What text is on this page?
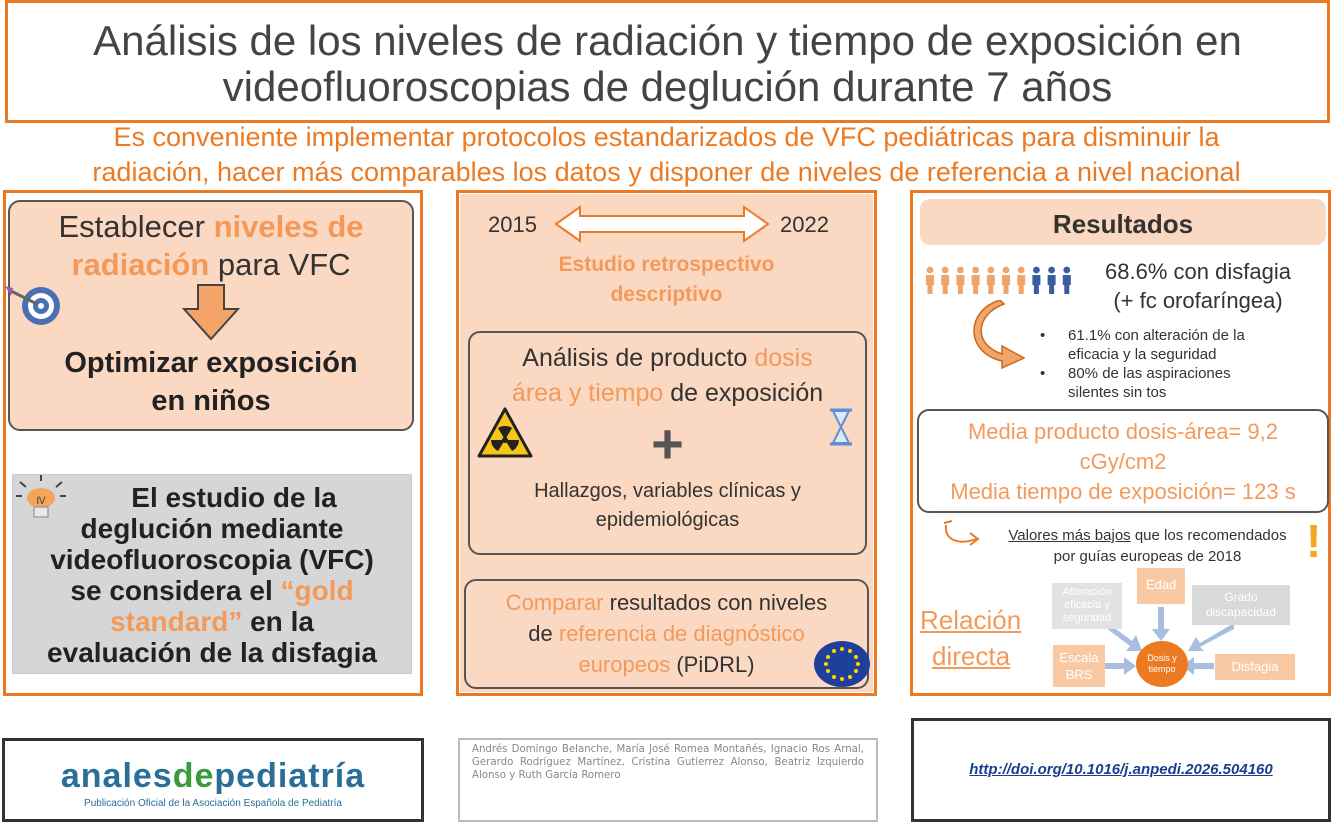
Análisis de los niveles de radiación y tiempo de exposición en
videofluoroscopias de deglución durante 7 años
Es conveniente implementar protocolos estandarizados de VFC pediátricas para disminuir la
radiación, hacer más comparables los datos y disponer de niveles de referencia a nivel nacional
Establecer niveles de
radiación para VFC
Optimizar exposición
en niños
El estudio de la
deglución mediante
videofluoroscopia (VFC)
se considera el “gold
standard” en la
evaluación de la disfagia
Ⅳ
2015	2022
Estudio retrospectivo
descriptivo
Análisis de producto dosis
área y tiempo de exposición
+
Hallazgos, variables clínicas y
epidemiológicas
Comparar resultados con niveles
de referencia de diagnóstico
europeos (PiDRL)
Resultados
68.6% con disfagia
(+ fc orofaríngea)
•	61.1% con alteración de la
eficacia y la seguridad
•	80% de las aspiraciones
silentes sin tos
Media producto dosis-área= 9,2
cGy/cm2
Media tiempo de exposición= 123 s
Valores más bajos que los recomendados
por guías europeas de 2018	!
Relación
directa
Alteración
eficacia y
seguridad
Edad
Grado
discapacidad
Escala
BRS
Dosis y
tiempo	Disfagia
analesdepediatría
Publicación Oficial de la Asociación Española de Pediatría
Andrés Domingo Belanche, María José Romea Montañés, Ignacio Ros Arnal, Gerardo Rodríguez Martínez, Cristina Gutierrez Alonso, Beatriz Izquierdo Alonso y Ruth García Romero	http://doi.org/10.1016/j.anpedi.2026.504160
